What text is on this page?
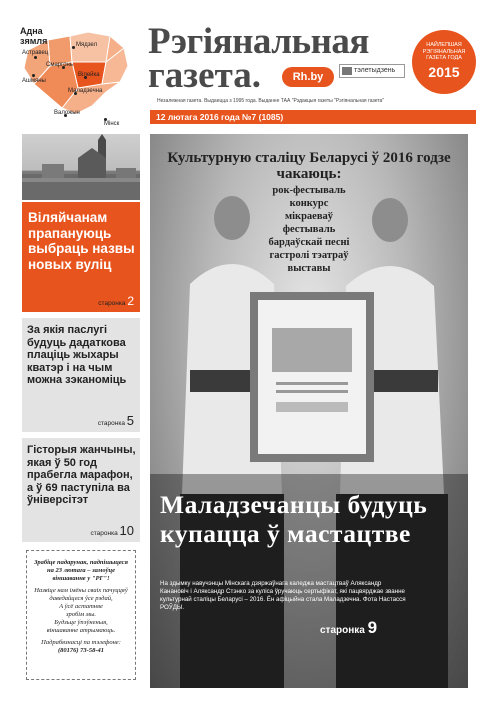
Мядзел
Астравец
Смаргонь
Ашмяны
Вілейка
Маладзечна
Валожын
Мінск
Адна
зямля	Рэгіянальная
газета.	Rh.by
тэлетыдзень
НАЙЛЕПШАЯ РЭГІЯНАЛЬНАЯ ГАЗЕТА ГОДА
2015
Незалежная газета. Выдаецца з 1995 года. Выданне ТАА "Рэдакцыя газеты "Рэгіянальная газета"
12 лютага 2016 года №7 (1085)
Віляйчанам прапануюць выбраць назвы новых вуліц
старонка 2
За якія паслугі будуць дадаткова плаціць жыхары кватэр і на чым можна зэканоміць
старонка 5
Гісторыя жанчыны, якая ў 50 год прабегла марафон, а ў 69 паступіла ва ўніверсітэт
старонка 10
Зрабіце падарунак, падпішыцеся на 23 лютага – замоўце віншаванне у "РГ"!
Назвіце нам імёны сваіх пачуццяў
даведайцеся ўсе рэдай,
А ўсё астатняе
зробім мы.
Будзьце ўпэўненыя,
віншаванне атрымаюць.
Падрабязнасці па тэлефоне:
(80176) 73-58-41
Культурную сталіцу Беларусі ў 2016 годзе чакаюць:
рок-фестываль
конкурс
мікраеваў
фестываль
бардаўскай песні
гастролі тэатраў
выставы
Маладзечанцы будуць купацца ў мастацтве
На здымку навучэнцы Мінскага дзяржаўнага каледжа мастацтваў Аляксандр Канановіч і Аляксандр Стэнко за куліса ўручаюць сертыфікат, які пацвярджае званне культурнай сталіцы Беларусі – 2016. Ён афіцыйна стала Маладзечна. Фота Настасся РОЎДЫ.
старонка 9
